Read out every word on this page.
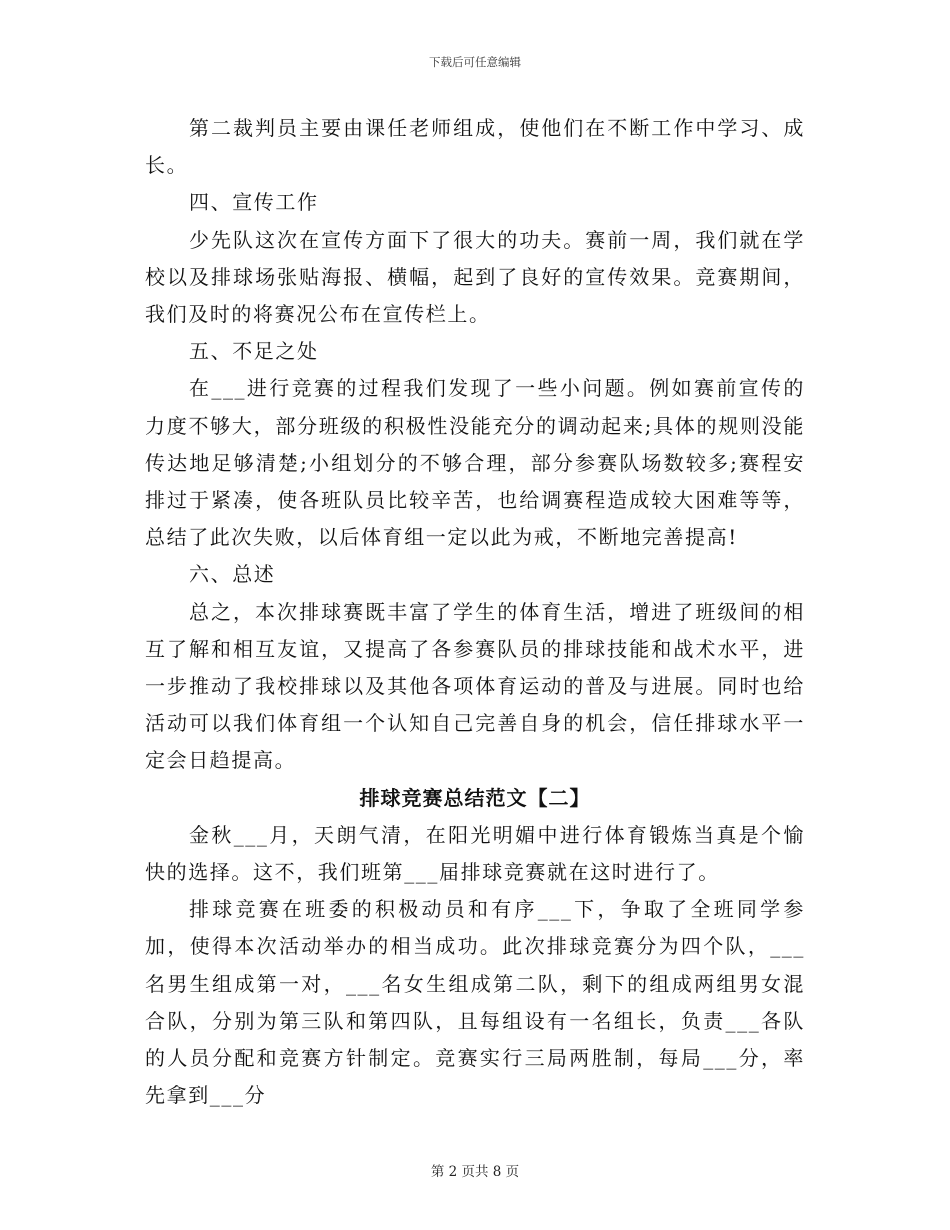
下载后可任意编辑

第二裁判员主要由课任老师组成，使他们在不断工作中学习、成长。

四、宣传工作

少先队这次在宣传方面下了很大的功夫。赛前一周，我们就在学校以及排球场张贴海报、横幅，起到了良好的宣传效果。竞赛期间，我们及时的将赛况公布在宣传栏上。

五、不足之处

在___进行竞赛的过程我们发现了一些小问题。例如赛前宣传的力度不够大，部分班级的积极性没能充分的调动起来;具体的规则没能传达地足够清楚;小组划分的不够合理，部分参赛队场数较多;赛程安排过于紧凑，使各班队员比较辛苦，也给调赛程造成较大困难等等，总结了此次失败，以后体育组一定以此为戒，不断地完善提高!

六、总述

总之，本次排球赛既丰富了学生的体育生活，增进了班级间的相互了解和相互友谊，又提高了各参赛队员的排球技能和战术水平，进一步推动了我校排球以及其他各项体育运动的普及与进展。同时也给活动可以我们体育组一个认知自己完善自身的机会，信任排球水平一定会日趋提高。

排球竞赛总结范文【二】

金秋___月，天朗气清，在阳光明媚中进行体育锻炼当真是个愉快的选择。这不，我们班第___届排球竞赛就在这时进行了。

排球竞赛在班委的积极动员和有序___下，争取了全班同学参加，使得本次活动举办的相当成功。此次排球竞赛分为四个队，___名男生组成第一对，___名女生组成第二队，剩下的组成两组男女混合队，分别为第三队和第四队，且每组设有一名组长，负责___各队的人员分配和竞赛方针制定。竞赛实行三局两胜制，每局___分，率先拿到___分

第 2 页共 8 页
